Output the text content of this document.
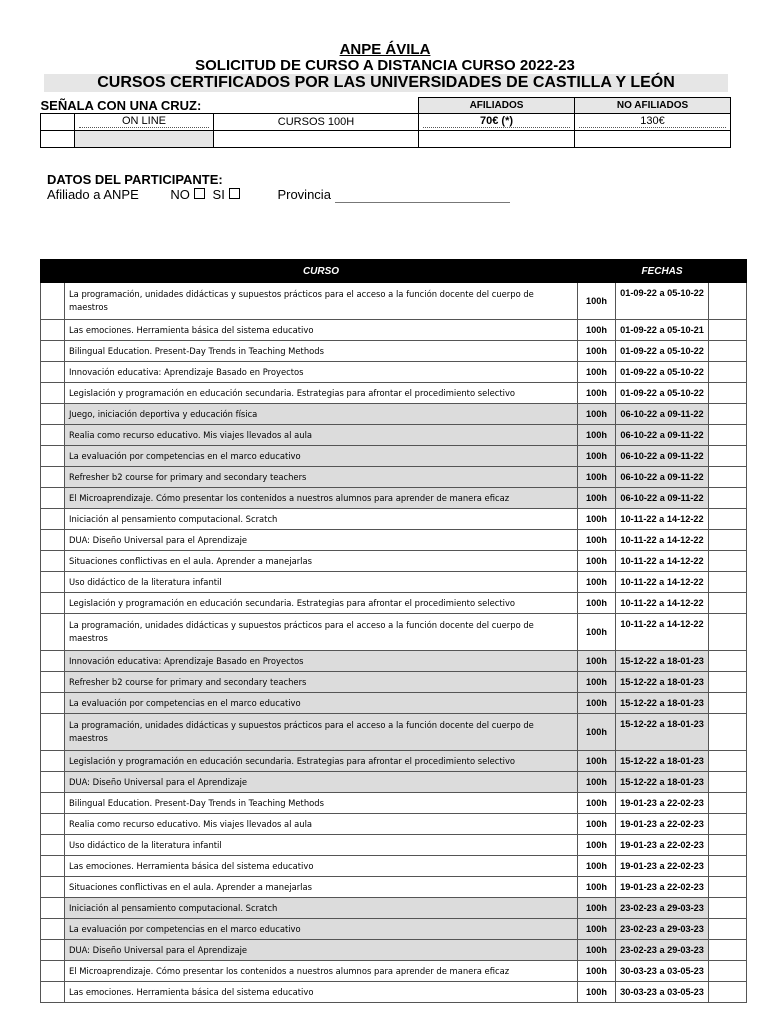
ANPE ÁVILA
SOLICITUD DE CURSO A DISTANCIA CURSO 2022-23
CURSOS CERTIFICADOS POR LAS UNIVERSIDADES DE CASTILLA Y LEÓN
SEÑALA CON UNA CRUZ:			AFILIADOS	NO AFILIADOS

	ON LINE	CURSOS 100H	70€ (*)	130€

DATOS DEL PARTICIPANTE:
Afiliado a ANPE NO SI	Provincia
	CURSO		FECHAS	
	La programación, unidades didácticas y supuestos prácticos para el acceso a la función docente del cuerpo de maestros	100h	01-09-22 a 05-10-22	
	Las emociones. Herramienta básica del sistema educativo	100h	01-09-22 a 05-10-21	
	Bilingual Education. Present-Day Trends in Teaching Methods	100h	01-09-22 a 05-10-22	
	Innovación educativa: Aprendizaje Basado en Proyectos	100h	01-09-22 a 05-10-22	
	Legislación y programación en educación secundaria. Estrategias para afrontar el procedimiento selectivo	100h	01-09-22 a 05-10-22	
	Juego, iniciación deportiva y educación física	100h	06-10-22 a 09-11-22	
	Realia como recurso educativo. Mis viajes llevados al aula	100h	06-10-22 a 09-11-22	
	La evaluación por competencias en el marco educativo	100h	06-10-22 a 09-11-22	
	Refresher b2 course for primary and secondary teachers	100h	06-10-22 a 09-11-22	
	El Microaprendizaje. Cómo presentar los contenidos a nuestros alumnos para aprender de manera eficaz	100h	06-10-22 a 09-11-22	
	Iniciación al pensamiento computacional. Scratch	100h	10-11-22 a 14-12-22	
	DUA: Diseño Universal para el Aprendizaje	100h	10-11-22 a 14-12-22	
	Situaciones conflictivas en el aula. Aprender a manejarlas	100h	10-11-22 a 14-12-22	
	Uso didáctico de la literatura infantil	100h	10-11-22 a 14-12-22	
	Legislación y programación en educación secundaria. Estrategias para afrontar el procedimiento selectivo	100h	10-11-22 a 14-12-22	
	La programación, unidades didácticas y supuestos prácticos para el acceso a la función docente del cuerpo de maestros	100h	10-11-22 a 14-12-22	
	Innovación educativa: Aprendizaje Basado en Proyectos	100h	15-12-22 a 18-01-23	
	Refresher b2 course for primary and secondary teachers	100h	15-12-22 a 18-01-23	
	La evaluación por competencias en el marco educativo	100h	15-12-22 a 18-01-23	
	La programación, unidades didácticas y supuestos prácticos para el acceso a la función docente del cuerpo de maestros	100h	15-12-22 a 18-01-23	
	Legislación y programación en educación secundaria. Estrategias para afrontar el procedimiento selectivo	100h	15-12-22 a 18-01-23	
	DUA: Diseño Universal para el Aprendizaje	100h	15-12-22 a 18-01-23	
	Bilingual Education. Present-Day Trends in Teaching Methods	100h	19-01-23 a 22-02-23	
	Realia como recurso educativo. Mis viajes llevados al aula	100h	19-01-23 a 22-02-23	
	Uso didáctico de la literatura infantil	100h	19-01-23 a 22-02-23	
	Las emociones. Herramienta básica del sistema educativo	100h	19-01-23 a 22-02-23	
	Situaciones conflictivas en el aula. Aprender a manejarlas	100h	19-01-23 a 22-02-23	
	Iniciación al pensamiento computacional. Scratch	100h	23-02-23 a 29-03-23	
	La evaluación por competencias en el marco educativo	100h	23-02-23 a 29-03-23	
	DUA: Diseño Universal para el Aprendizaje	100h	23-02-23 a 29-03-23	
	El Microaprendizaje. Cómo presentar los contenidos a nuestros alumnos para aprender de manera eficaz	100h	30-03-23 a 03-05-23	
	Las emociones. Herramienta básica del sistema educativo	100h	30-03-23 a 03-05-23	
